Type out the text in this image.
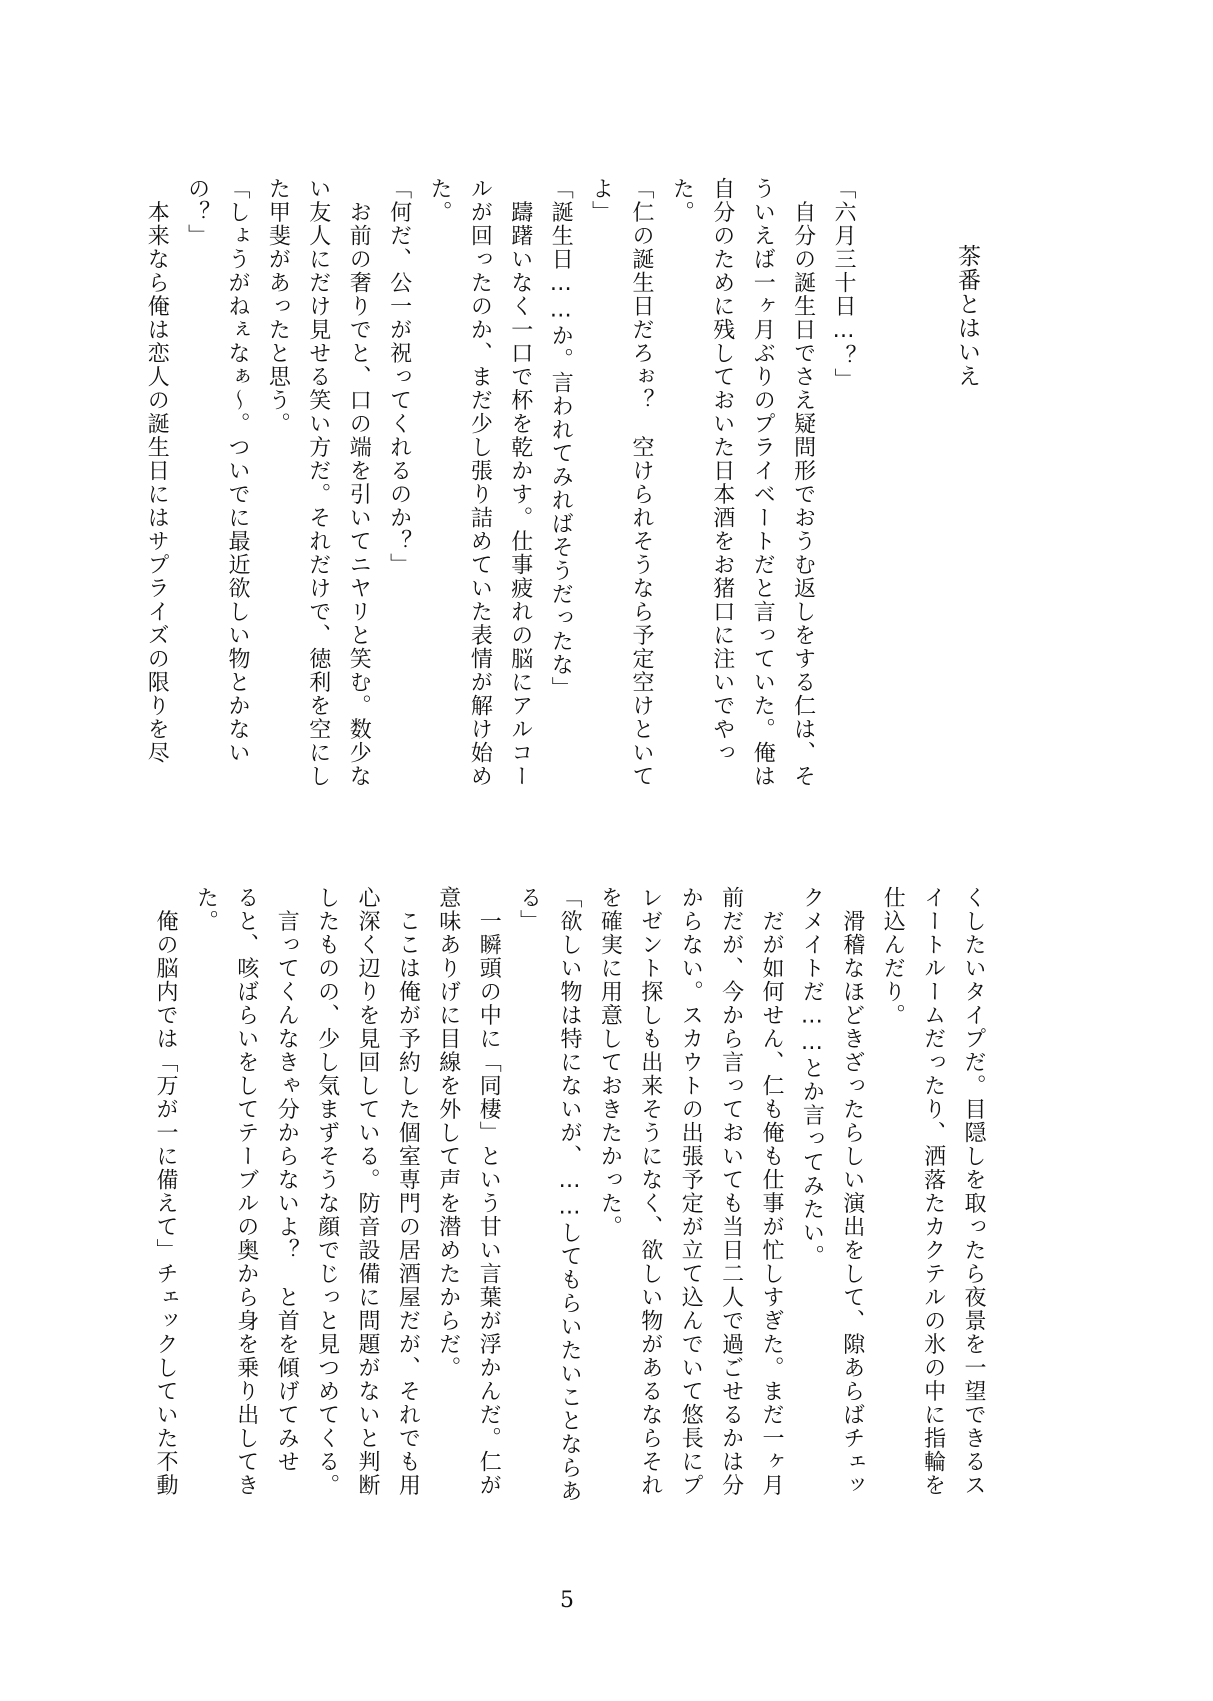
茶番とはいえ
「六月三十日…？」
　自分の誕生日でさえ疑問形でおうむ返しをする仁は、そ
ういえば一ヶ月ぶりのプライベートだと言っていた。俺は
自分のために残しておいた日本酒をお猪口に注いでやっ
た。
「仁の誕生日だろぉ？　空けられそうなら予定空けといて
よ」
「誕生日……か。言われてみればそうだったな」
　躊躇いなく一口で杯を乾かす。仕事疲れの脳にアルコー
ルが回ったのか、まだ少し張り詰めていた表情が解け始め
た。
「何だ、公一が祝ってくれるのか？」
　お前の奢りでと、口の端を引いてニヤリと笑む。数少な
い友人にだけ見せる笑い方だ。それだけで、徳利を空にし
た甲斐があったと思う。
「しょうがねぇなぁ～。ついでに最近欲しい物とかない
の？」
　本来なら俺は恋人の誕生日にはサプライズの限りを尽
くしたいタイプだ。目隠しを取ったら夜景を一望できるス
イートルームだったり、洒落たカクテルの氷の中に指輪を
仕込んだり。
　滑稽なほどきざったらしい演出をして、隙あらばチェッ
クメイトだ……とか言ってみたい。
　だが如何せん、仁も俺も仕事が忙しすぎた。まだ一ヶ月
前だが、今から言っておいても当日二人で過ごせるかは分
からない。スカウトの出張予定が立て込んでいて悠長にプ
レゼント探しも出来そうになく、欲しい物があるならそれ
を確実に用意しておきたかった。
「欲しい物は特にないが、……してもらいたいことならあ
る」
　一瞬頭の中に「同棲」という甘い言葉が浮かんだ。仁が
意味ありげに目線を外して声を潜めたからだ。
　ここは俺が予約した個室専門の居酒屋だが、それでも用
心深く辺りを見回している。防音設備に問題がないと判断
したものの、少し気まずそうな顔でじっと見つめてくる。
　言ってくんなきゃ分からないよ？　と首を傾げてみせ
ると、咳ばらいをしてテーブルの奥から身を乗り出してき
た。
　俺の脳内では「万が一に備えて」チェックしていた不動
5
